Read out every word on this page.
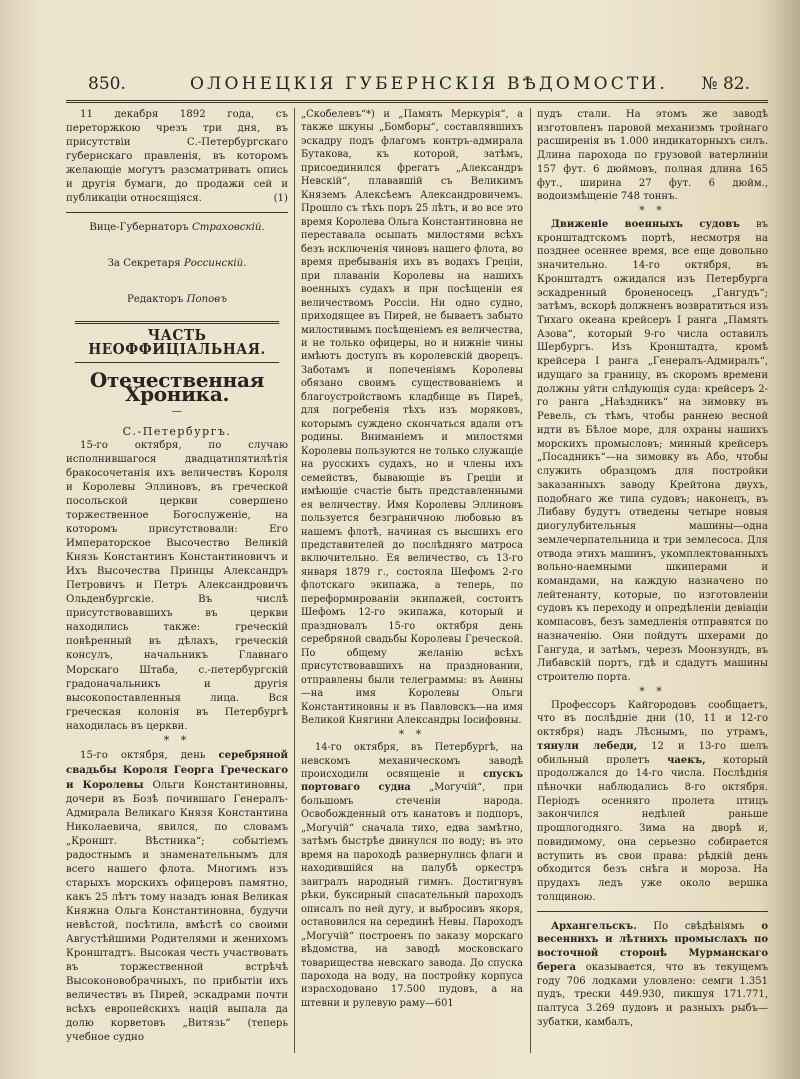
850.	ОЛОНЕЦКІЯ ГУБЕРНСКІЯ ВѢДОМОСТИ. № 82.

11 декабря 1892 года, съ переторжкою чрезъ три дня, въ присутствіи С.-Петербургскаго губернскаго правленія, въ которомъ желающіе могутъ разсматривать опись и другія бумаги, до продажи сей и публикаціи относящіяся.	(1)

Вице-Губернаторъ Страховскій.

За Секретаря Россинскій.

Редакторъ Поповъ

ЧАСТЬ НЕОФФИЦІАЛЬНАЯ.
Отечественная Хроника.
—

С.-Петербургъ.

15-го октября, по случаю исполнившагося двадцатипятилѣтія бракосочетанія ихъ величествъ Короля и Королевы Эллиновъ, въ греческой посольской церкви совершено торжественное Богослуженіе, на которомъ присутствовали: Его Императорское Высочество Великій Князь Константинъ Константиновичъ и Ихъ Высочества Принцы Александръ Петровичъ и Петръ Александровичъ Ольденбургскіе. Въ числѣ присутствовавшихъ въ церкви находились также: греческій повѣренный въ дѣлахъ, греческій консулъ, начальникъ Главнаго Морскаго Штаба, с.-петербургскій градоначальникъ и другія высокопоставленныя лица. Вся греческая колонія въ Петербургѣ находилась въ церкви.

* *

15-го октября, день серебряной свадьбы Короля Георга Греческаго и Королевы Ольги Константиновны, дочери въ Бозѣ почившаго Генералъ-Адмирала Великаго Князя Константина Николаевича, явился, по словамъ „Кроншт. Вѣстника“; событіемъ радостнымъ и знаменательнымъ для всего нашего флота. Многимъ изъ старыхъ морскихъ офицеровъ памятно, какъ 25 лѣтъ тому назадъ юная Великая Княжна Ольга Константиновна, будучи невѣстой, посѣтила, вмѣстѣ со своими Августѣйшими Родителями и женихомъ Кронштадтъ. Высокая честь участвовать въ торжественной встрѣчѣ Высоконовобрачныхъ, по прибытіи ихъ величествъ въ Пирей, эскадрами почти всѣхъ европейскихъ націй выпала да долю корветовъ „Витязь“ (теперь учебное судно

„Скобелевъ“*) и „Память Меркурія“, а также шкуны „Бомборы“, составлявшихъ эскадру подъ флагомъ контръ-адмирала Бутакова, къ которой, затѣмъ, присоединился фрегатъ „Александръ Невскій“, плававшій съ Великимъ Княземъ Алексѣемъ Александровичемъ. Прошло съ тѣхъ поръ 25 лѣтъ, и во все это время Королева Ольга Константиновна не переставала осыпать милостями всѣхъ безъ исключенія чиновъ нашего флота, во время пребыванія ихъ въ водахъ Греціи, при плаваніи Королевы на нашихъ военныхъ судахъ и при посѣщеніи ея величествомъ Россіи. Ни одно судно, приходящее въ Пирей, не бываетъ забыто милостивымъ посѣщеніемъ ея величества, и не только офицеры, но и нижніе чины имѣютъ доступъ въ королевскій дворецъ. Заботамъ и попеченіямъ Королевы обязано своимъ существованіемъ и благоустройствомъ кладбище въ Пиреѣ, для погребенія тѣхъ изъ моряковъ, которымъ суждено скончаться вдали отъ родины. Вниманіемъ и милостями Королевы пользуются не только служащіе на русскихъ судахъ, но и члены ихъ семействъ, бывающіе въ Греціи и имѣющіе счастіе быть представленными ея величеству. Имя Королевы Эллиновъ пользуется безграничною любовью въ нашемъ флотѣ, начиная съ высшихъ его представителей до послѣдняго матроса включительно. Ея величество, съ 13-го января 1879 г., состояла Шефомъ 2-го флотскаго экипажа, а теперь, по переформированіи экипажей, состоитъ Шефомъ 12-го экипажа, который и праздновалъ 15-го октября день серебряной свадьбы Королевы Греческой. По общему желанію всѣхъ присутствовавшихъ на праздновании, отправлены были телеграммы: въ Аѳины—на имя Королевы Ольги Константиновны и въ Павловскъ—на имя Великой Княгини Александры Іосифовны.

* *

14-го октября, въ Петербургѣ, на невскомъ механическомъ заводѣ происходили освященіе и спускъ портоваго судна „Могучій“, при большомъ стеченіи народа. Освобожденный отъ канатовъ и подпоръ, „Могучій“ сначала тихо, едва замѣтно, затѣмъ быстрѣе двинулся по воду; въ это время на пароходѣ развернулись флаги и находившійся на палубѣ оркестръ заигралъ народный гимнъ. Достигнувъ рѣки, буксирный спасательный пароходъ описалъ по ней дугу, и выбросивъ якоря, остановился на серединѣ Невы. Пароходъ „Могучій“ построенъ по заказу морскаго вѣдомства, на заводѣ московскаго товарищества невскаго завода. До спуска парохода на воду, на постройку корпуса израсходовано 17.500 пудовъ, а на штевни и рулевую раму—601

пудъ стали. На этомъ же заводѣ изготовленъ паровой механизмъ тройнаго расширенія въ 1.000 индикаторныхъ силъ. Длина парохода по грузовой ватерлиніи 157 фут. 6 дюймовъ, полная длина 165 фут., ширина 27 фут. 6 дюйм., водоизмѣщеніе 748 тоннъ.

* *

Движеніе военныхъ судовъ въ кронштадтскомъ портѣ, несмотря на позднее осеннее время, все еще довольно значительно. 14-го октября, въ Кронштадтъ ожидался изъ Петербурга эскадренный броненосецъ „Гангудъ“; затѣмъ, вскорѣ должненъ возвратиться изъ Тихаго океана крейсеръ I ранга „Память Азова“, который 9-го числа оставилъ Шербургъ. Изъ Кронштадта, кромѣ крейсера I ранга „Генералъ-Адмиралъ“, идущаго за границу, въ скоромъ времени должны уйти слѣдующія суда: крейсеръ 2-го ранга „Наѣздникъ“ на зимовку въ Ревель, съ тѣмъ, чтобы раннею весной идти въ Бѣлое море, для охраны нашихъ морскихъ промысловъ; минный крейсеръ „Посадникъ“—на зимовку въ Або, чтобы служить образцомъ для постройки заказанныхъ заводу Крейтона двухъ, подобнаго же типа судовъ; наконецъ, въ Либаву будутъ отведены четыре новыя диогулубительныя машины—одна землечерпательница и три землесоса. Для отвода этихъ машинъ, укомплектованныхъ вольно-наемными шкиперами и командами, на каждую назначено по лейтенанту, которые, по изготовленіи судовъ къ переходу и опредѣленіи девіаціи компасовъ, безъ замедленія отправятся по назначенію. Они пойдутъ шхерами до Гангуда, и затѣмъ, черезъ Моонзундъ, въ Либавскій портъ, гдѣ и сдадутъ машины строителю порта.

* *

Профессоръ Кайгородовъ сообщаетъ, что въ послѣдніе дни (10, 11 и 12-го октября) надъ Лѣснымъ, по утрамъ, тянули лебеди, 12 и 13-го шелъ обильный пролетъ чаекъ, который продолжался до 14-го числа. Послѣднія пѣночки наблюдались 8-го октября. Періодъ осенняго пролета птицъ закончился недѣлей раньше прошлогодняго. Зима на дворѣ и, повидимому, она серьезно собирается вступить въ свои права: рѣдкій день обходится безъ снѣга и мороза. На прудахъ ледъ уже около вершка толщиною.

Архангельскъ. По свѣдѣніямъ о весеннихъ и лѣтнихъ промыслахъ по восточной сторонѣ Мурманскаго берега оказывается, что въ текущемъ году 706 лодками уловлено: семги 1.351 пудъ, трески 449.930, пикшуя 171.771, палтуса 3.269 пудовъ и разныхъ рыбъ—зубатки, камбалъ,
